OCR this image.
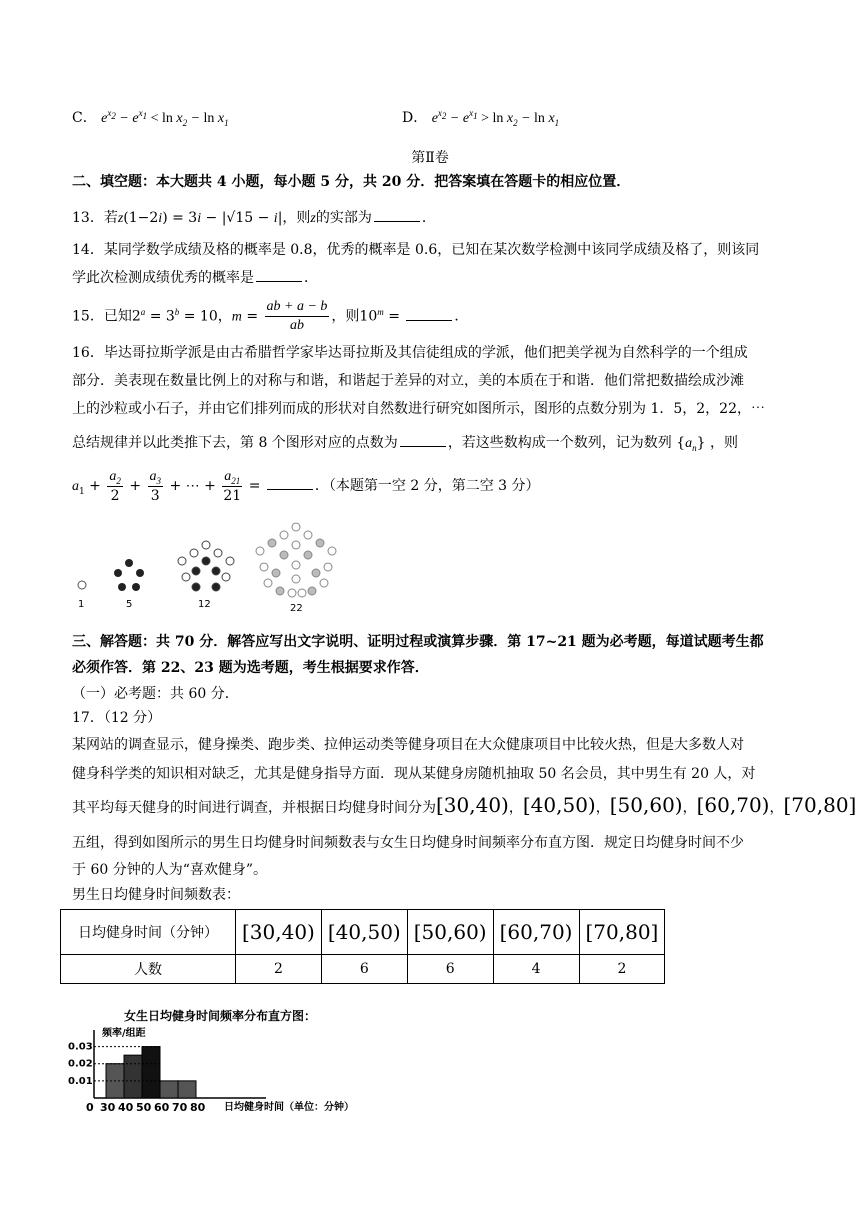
C． $e^{x_2} - e^{x_1} < \ln x_2 - \ln x_1$	D． $e^{x_2} - e^{x_1} > \ln x_2 - \ln x_1$
第Ⅱ卷
二、填空题：本大题共 4 小题，每小题 5 分，共 20 分．把答案填在答题卡的相应位置．
13．若z(1−2i) = 3i − |√15 − i|，则z的实部为	．
14．某同学数学成绩及格的概率是 0.8，优秀的概率是 0.6，已知在某次数学检测中该同学成绩及格了，则该同
学此次检测成绩优秀的概率是	．
15．已知$2^a = 3^b = 10$，$m = \frac{ab + a - b}{ab}$ ，则$10^m$ =	．
16．毕达哥拉斯学派是由古希腊哲学家毕达哥拉斯及其信徒组成的学派，他们把美学视为自然科学的一个组成
部分．美表现在数量比例上的对称与和谐，和谐起于差异的对立，美的本质在于和谐．他们常把数描绘成沙滩
上的沙粒或小石子，并由它们排列而成的形状对自然数进行研究如图所示，图形的点数分别为 1．5，2，22，⋯
总结规律并以此类推下去，第 8 个图形对应的点数为	，若这些数构成一个数列，记为数列 $\{a_n\}$ ，则
$a_1 + \frac{a_2}{2} + \frac{a_3}{3}$ + ⋯ + $\frac{a_{21}}{21}$ =	．（本题第一空 2 分，第二空 3 分）
1	5	12	22
三、解答题：共 70 分．解答应写出文字说明、证明过程或演算步骤．第 17~21 题为必考题，每道试题考生都
必须作答．第 22、23 题为选考题，考生根据要求作答．
（一）必考题：共 60 分．
17．（12 分）
某网站的调查显示，健身操类、跑步类、拉伸运动类等健身项目在大众健康项目中比较火热，但是大多数人对
健身科学类的知识相对缺乏，尤其是健身指导方面．现从某健身房随机抽取 50 名会员，其中男生有 20 人，对
其平均每天健身的时间进行调查，并根据日均健身时间分为[30,40)，[40,50)，[50,60)，[60,70)，[70,80]
五组，得到如图所示的男生日均健身时间频数表与女生日均健身时间频率分布直方图．规定日均健身时间不少
于 60 分钟的人为“喜欢健身”。
男生日均健身时间频数表：
日均健身时间（分钟）	[30,40)	[40,50)	[50,60)	[60,70)	[70,80]
人数	2	6	6	4	2
女生日均健身时间频率分布直方图：
频率/组距
日均健身时间（单位：分钟）
0.01
0.02
0.03
0 30 40 50 60 70 80
